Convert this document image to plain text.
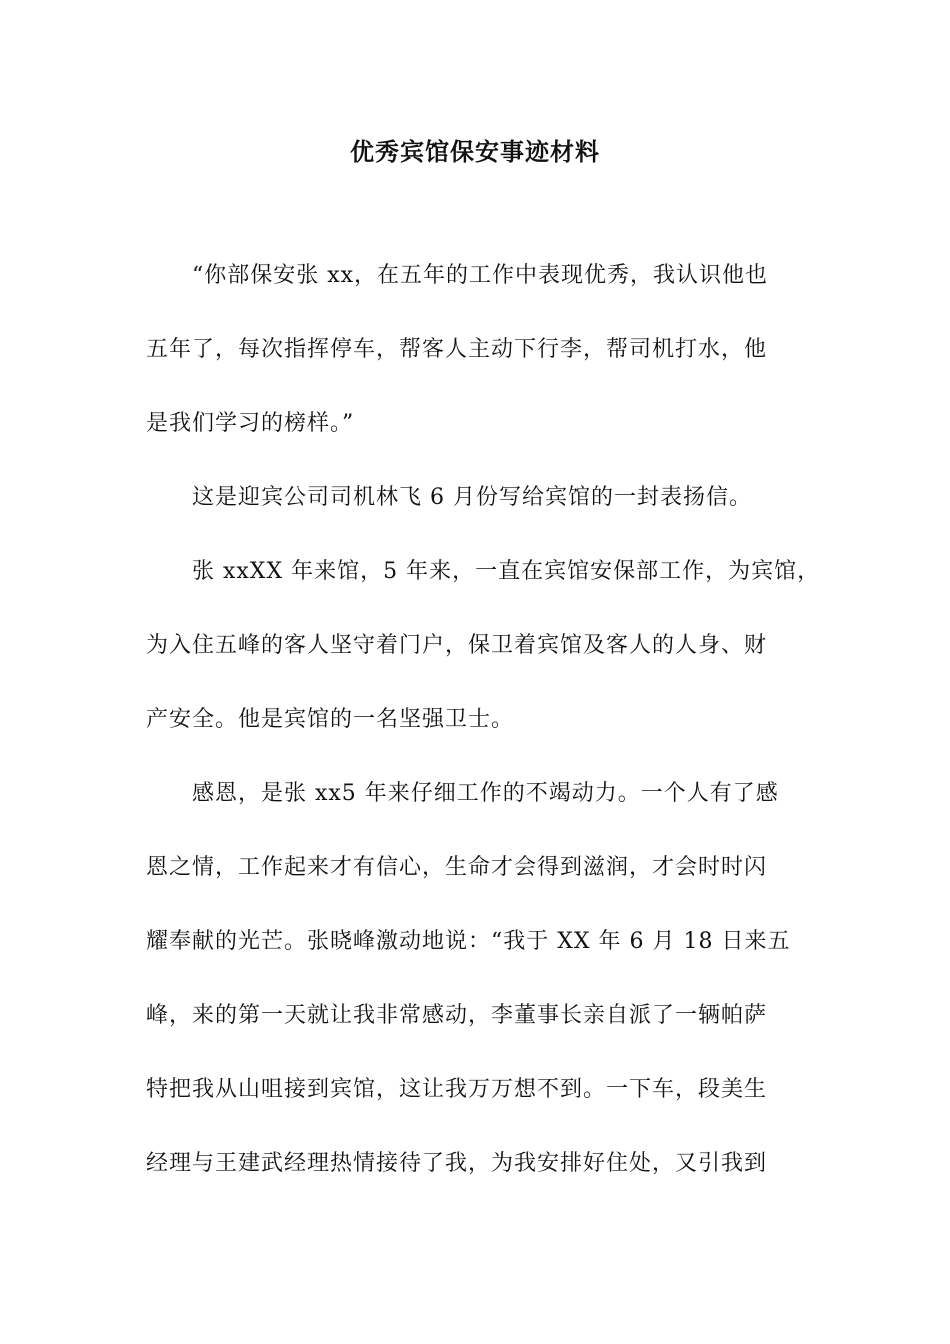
优秀宾馆保安事迹材料
“你部保安张 xx，在五年的工作中表现优秀，我认识他也
五年了，每次指挥停车，帮客人主动下行李，帮司机打水，他
是我们学习的榜样。”
这是迎宾公司司机林飞 6 月份写给宾馆的一封表扬信。
张 xxXX 年来馆，5 年来，一直在宾馆安保部工作，为宾馆，
为入住五峰的客人坚守着门户，保卫着宾馆及客人的人身、财
产安全。他是宾馆的一名坚强卫士。
感恩，是张 xx5 年来仔细工作的不竭动力。一个人有了感
恩之情，工作起来才有信心，生命才会得到滋润，才会时时闪
耀奉献的光芒。张晓峰激动地说：“我于 XX 年 6 月 18 日来五
峰，来的第一天就让我非常感动，李董事长亲自派了一辆帕萨
特把我从山咀接到宾馆，这让我万万想不到。一下车，段美生
经理与王建武经理热情接待了我，为我安排好住处，又引我到
